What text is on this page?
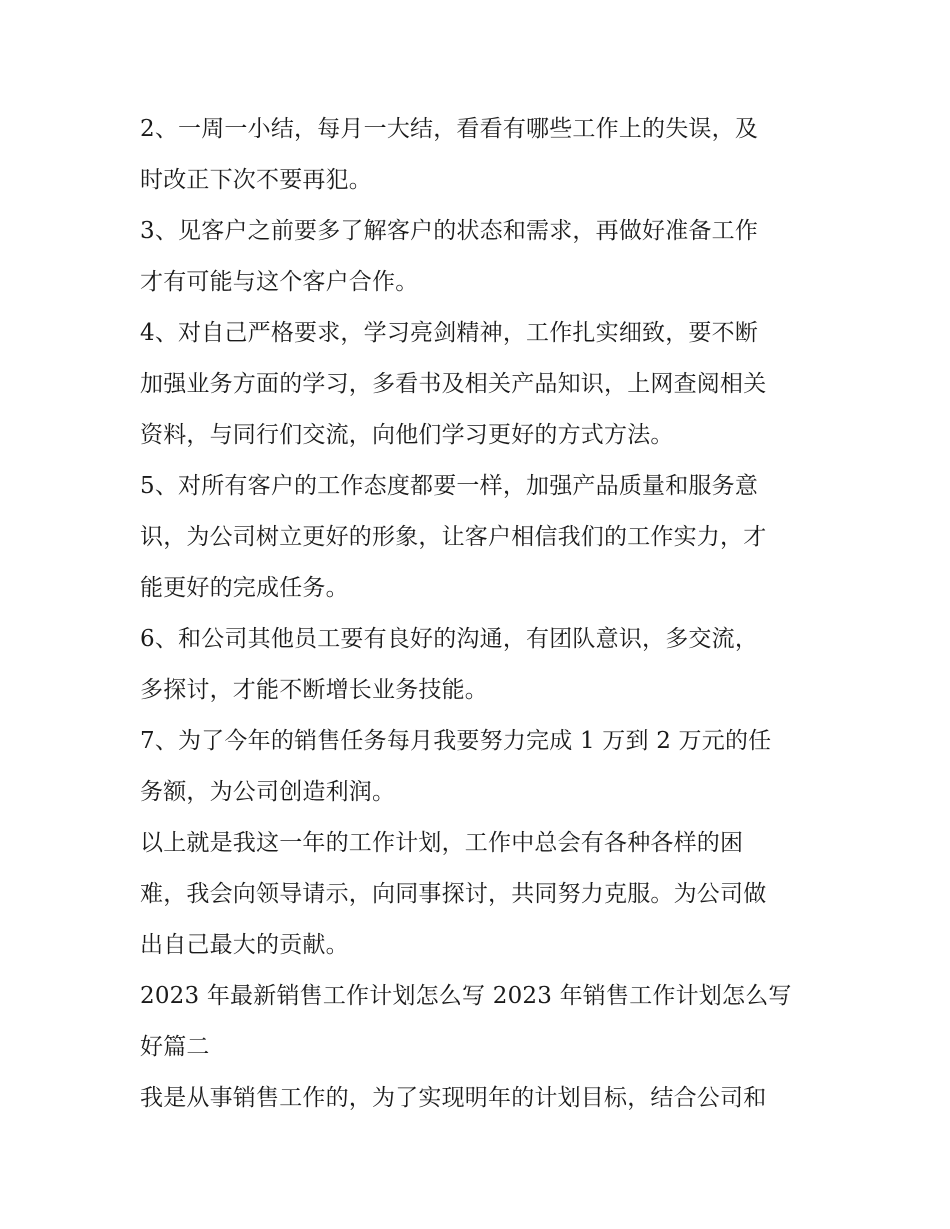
2、一周一小结，每月一大结，看看有哪些工作上的失误，及
时改正下次不要再犯。
3、见客户之前要多了解客户的状态和需求，再做好准备工作
才有可能与这个客户合作。
4、对自己严格要求，学习亮剑精神，工作扎实细致，要不断
加强业务方面的学习，多看书及相关产品知识，上网查阅相关
资料，与同行们交流，向他们学习更好的方式方法。
5、对所有客户的工作态度都要一样，加强产品质量和服务意
识，为公司树立更好的形象，让客户相信我们的工作实力，才
能更好的完成任务。
6、和公司其他员工要有良好的沟通，有团队意识，多交流，
多探讨，才能不断增长业务技能。
7、为了今年的销售任务每月我要努力完成 1 万到 2 万元的任
务额，为公司创造利润。
以上就是我这一年的工作计划，工作中总会有各种各样的困
难，我会向领导请示，向同事探讨，共同努力克服。为公司做
出自己最大的贡献。
2023 年最新销售工作计划怎么写 2023 年销售工作计划怎么写
好篇二
我是从事销售工作的，为了实现明年的计划目标，结合公司和
